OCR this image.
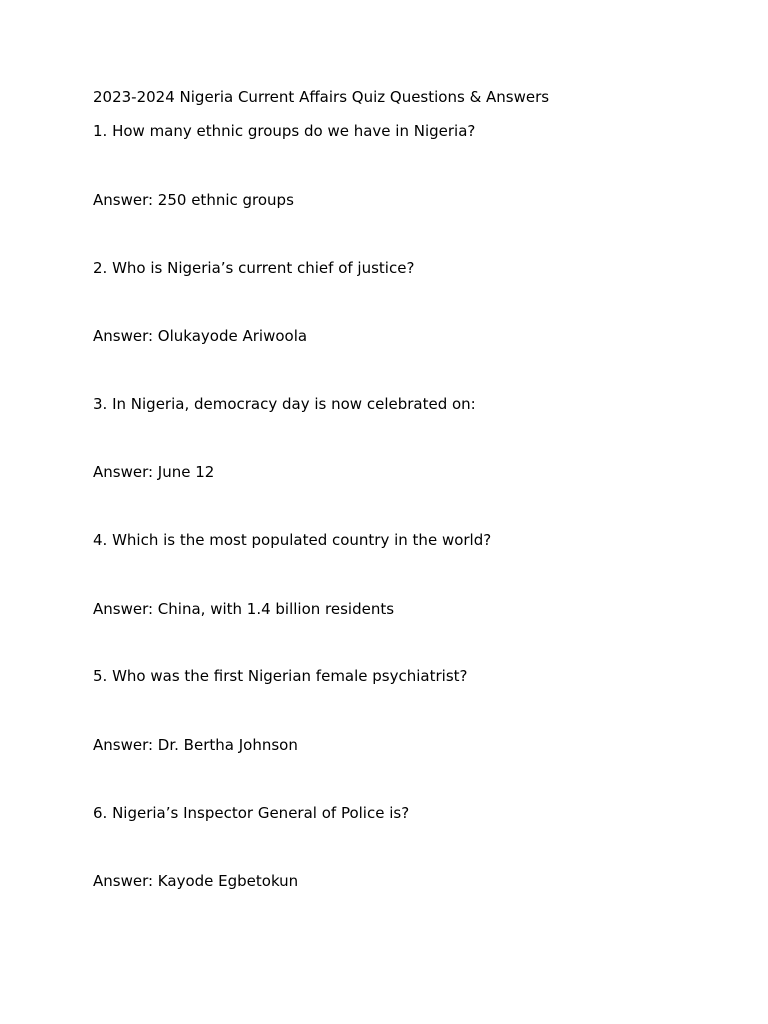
2023-2024 Nigeria Current Affairs Quiz Questions & Answers
1. How many ethnic groups do we have in Nigeria?
Answer: 250 ethnic groups
2. Who is Nigeria’s current chief of justice?
Answer: Olukayode Ariwoola
3. In Nigeria, democracy day is now celebrated on:
Answer: June 12
4. Which is the most populated country in the world?
Answer: China, with 1.4 billion residents
5. Who was the first Nigerian female psychiatrist?
Answer: Dr. Bertha Johnson
6. Nigeria’s Inspector General of Police is?
Answer: Kayode Egbetokun
